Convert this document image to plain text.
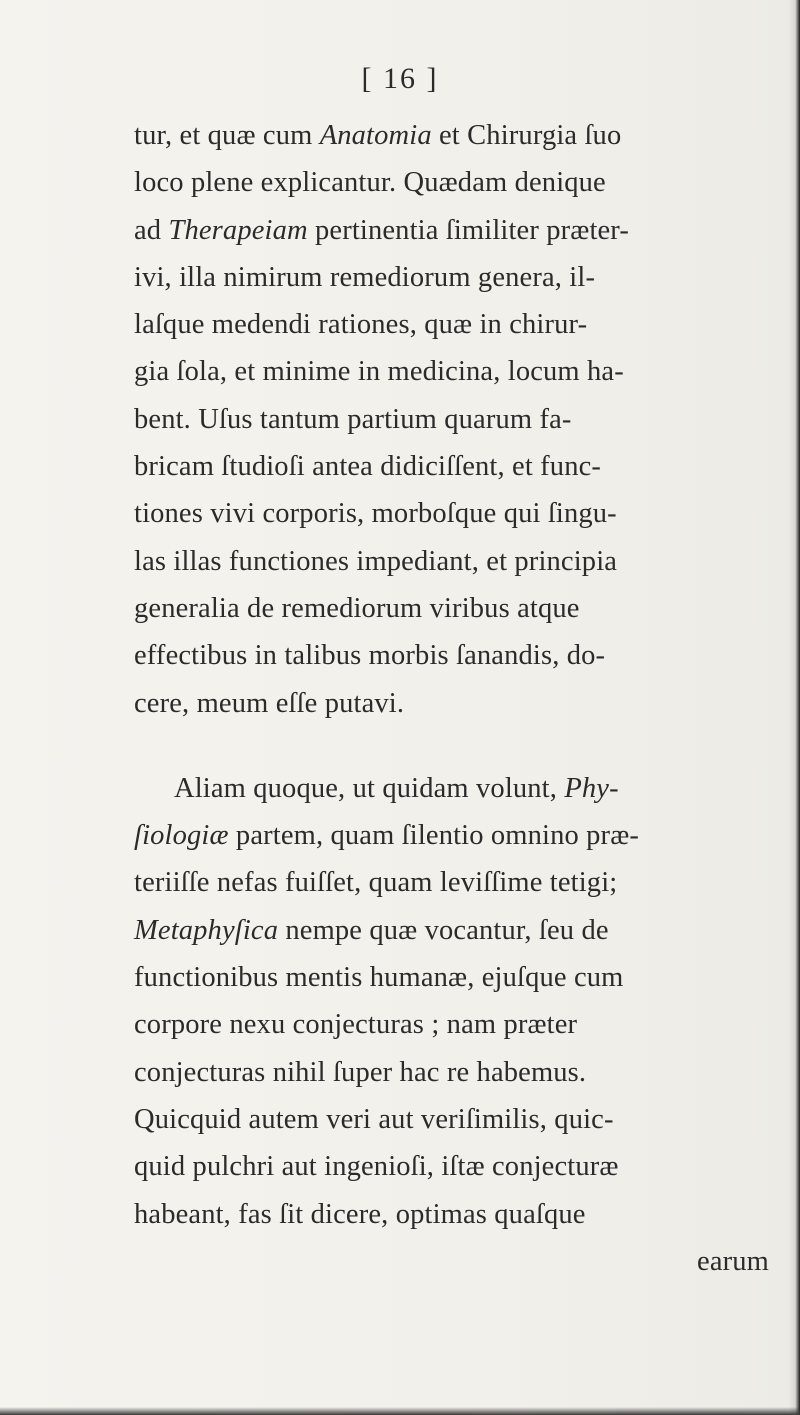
[ 16 ]
tur, et quæ cum Anatomia et Chirurgia ſuo
loco plene explicantur. Quædam denique
ad Therapeiam pertinentia ſimiliter præter-
ivi, illa nimirum remediorum genera, il-
laſque medendi rationes, quæ in chirur-
gia ſola, et minime in medicina, locum ha-
bent. Uſus tantum partium quarum fa-
bricam ſtudioſi antea didiciſſent, et func-
tiones vivi corporis, morboſque qui ſingu-
las illas functiones impediant, et principia
generalia de remediorum viribus atque
effectibus in talibus morbis ſanandis, do-
cere, meum eſſe putavi.
Aliam quoque, ut quidam volunt, Phy-
ſiologiæ partem, quam ſilentio omnino præ-
teriiſſe nefas fuiſſet, quam leviſſime tetigi;
Metaphyſica nempe quæ vocantur, ſeu de
functionibus mentis humanæ, ejuſque cum
corpore nexu conjecturas ; nam præter
conjecturas nihil ſuper hac re habemus.
Quicquid autem veri aut veriſimilis, quic-
quid pulchri aut ingenioſi, iſtæ conjecturæ
habeant, fas ſit dicere, optimas quaſque
earum
